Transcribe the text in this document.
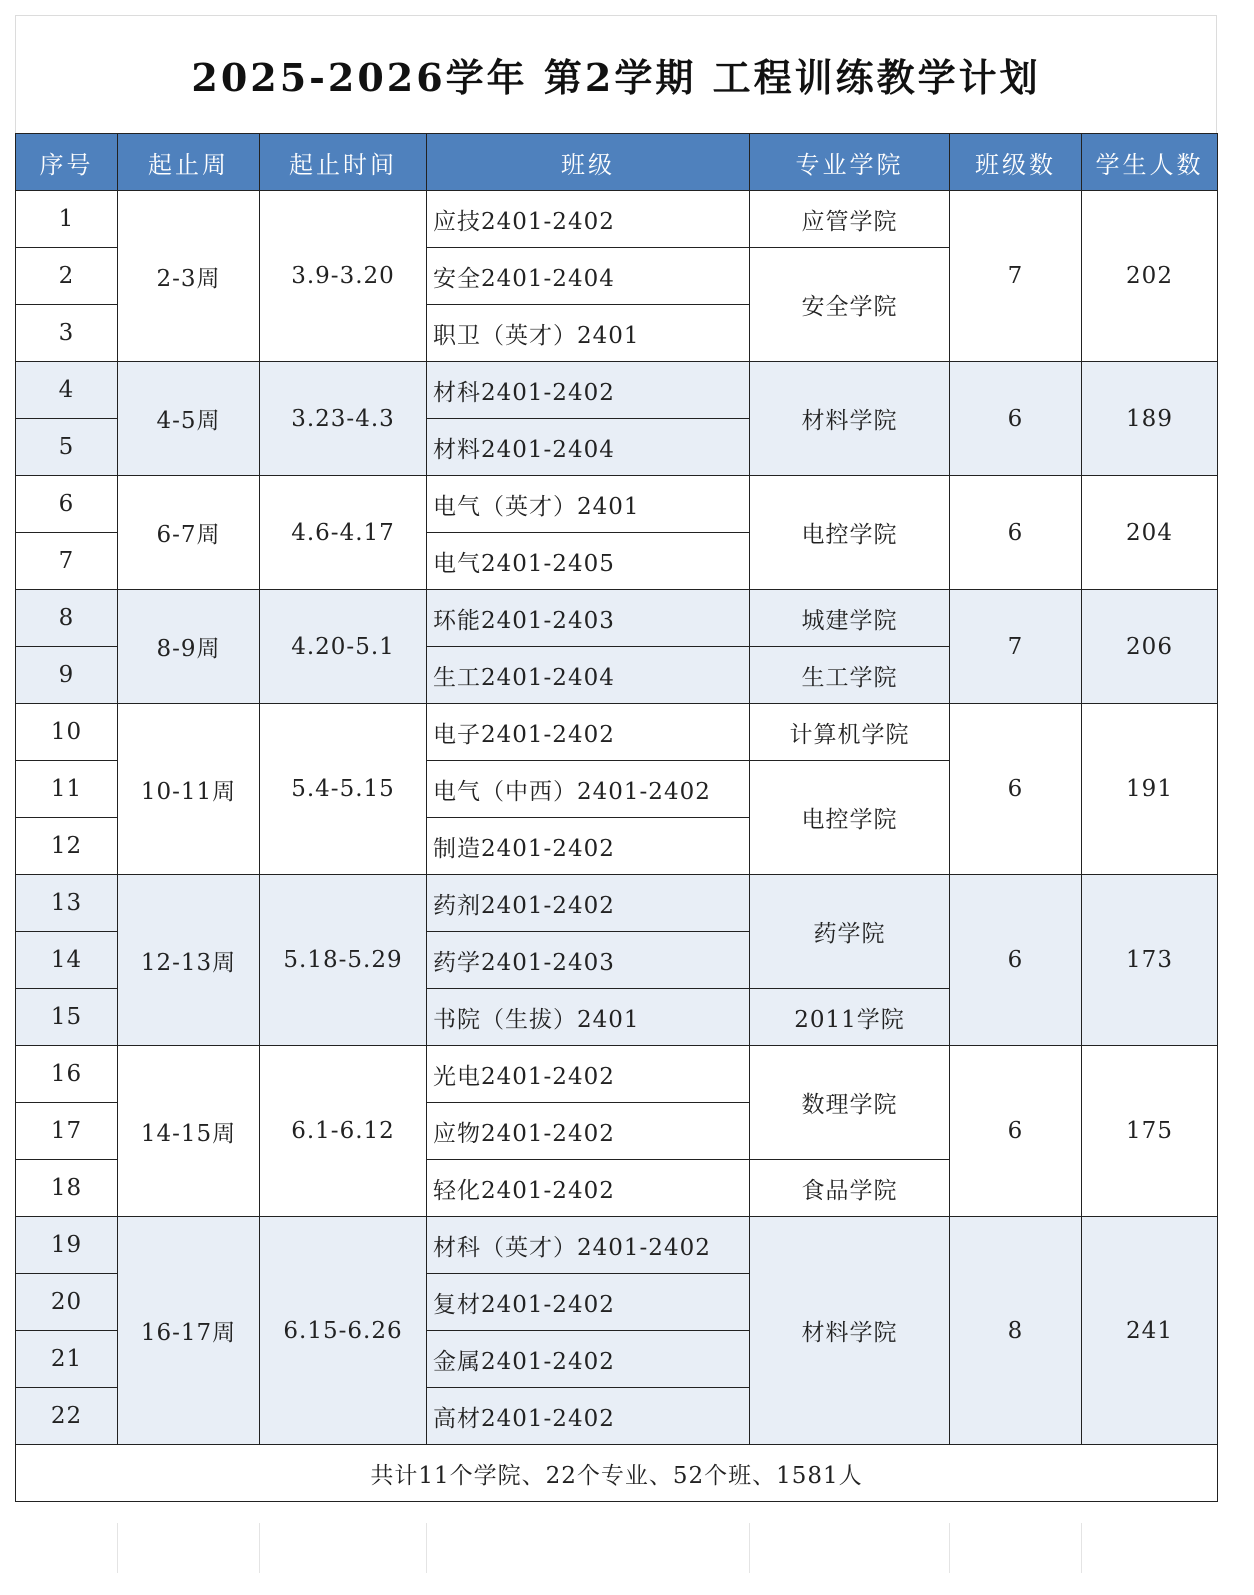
2025-2026学年 第2学期 工程训练教学计划
序号	起止周	起止时间	班级	专业学院	班级数	学生人数
1	2-3周	3.9-3.20	应技2401-2402	应管学院	7	202
2			安全2401-2404	安全学院		
3			职卫（英才）2401			
4	4-5周	3.23-4.3	材科2401-2402	材料学院	6	189
5			材料2401-2404			
6	6-7周	4.6-4.17	电气（英才）2401	电控学院	6	204
7			电气2401-2405			
8	8-9周	4.20-5.1	环能2401-2403	城建学院	7	206
9			生工2401-2404	生工学院		
10	10-11周	5.4-5.15	电子2401-2402	计算机学院	6	191
11			电气（中西）2401-2402	电控学院		
12			制造2401-2402			
13	12-13周	5.18-5.29	药剂2401-2402	药学院	6	173
14			药学2401-2403			
15			书院（生拔）2401	2011学院		
16	14-15周	6.1-6.12	光电2401-2402	数理学院	6	175
17			应物2401-2402			
18			轻化2401-2402	食品学院		
19	16-17周	6.15-6.26	材科（英才）2401-2402	材料学院	8	241
20			复材2401-2402			
21			金属2401-2402			
22			高材2401-2402			
共计11个学院、22个专业、52个班、1581人						
